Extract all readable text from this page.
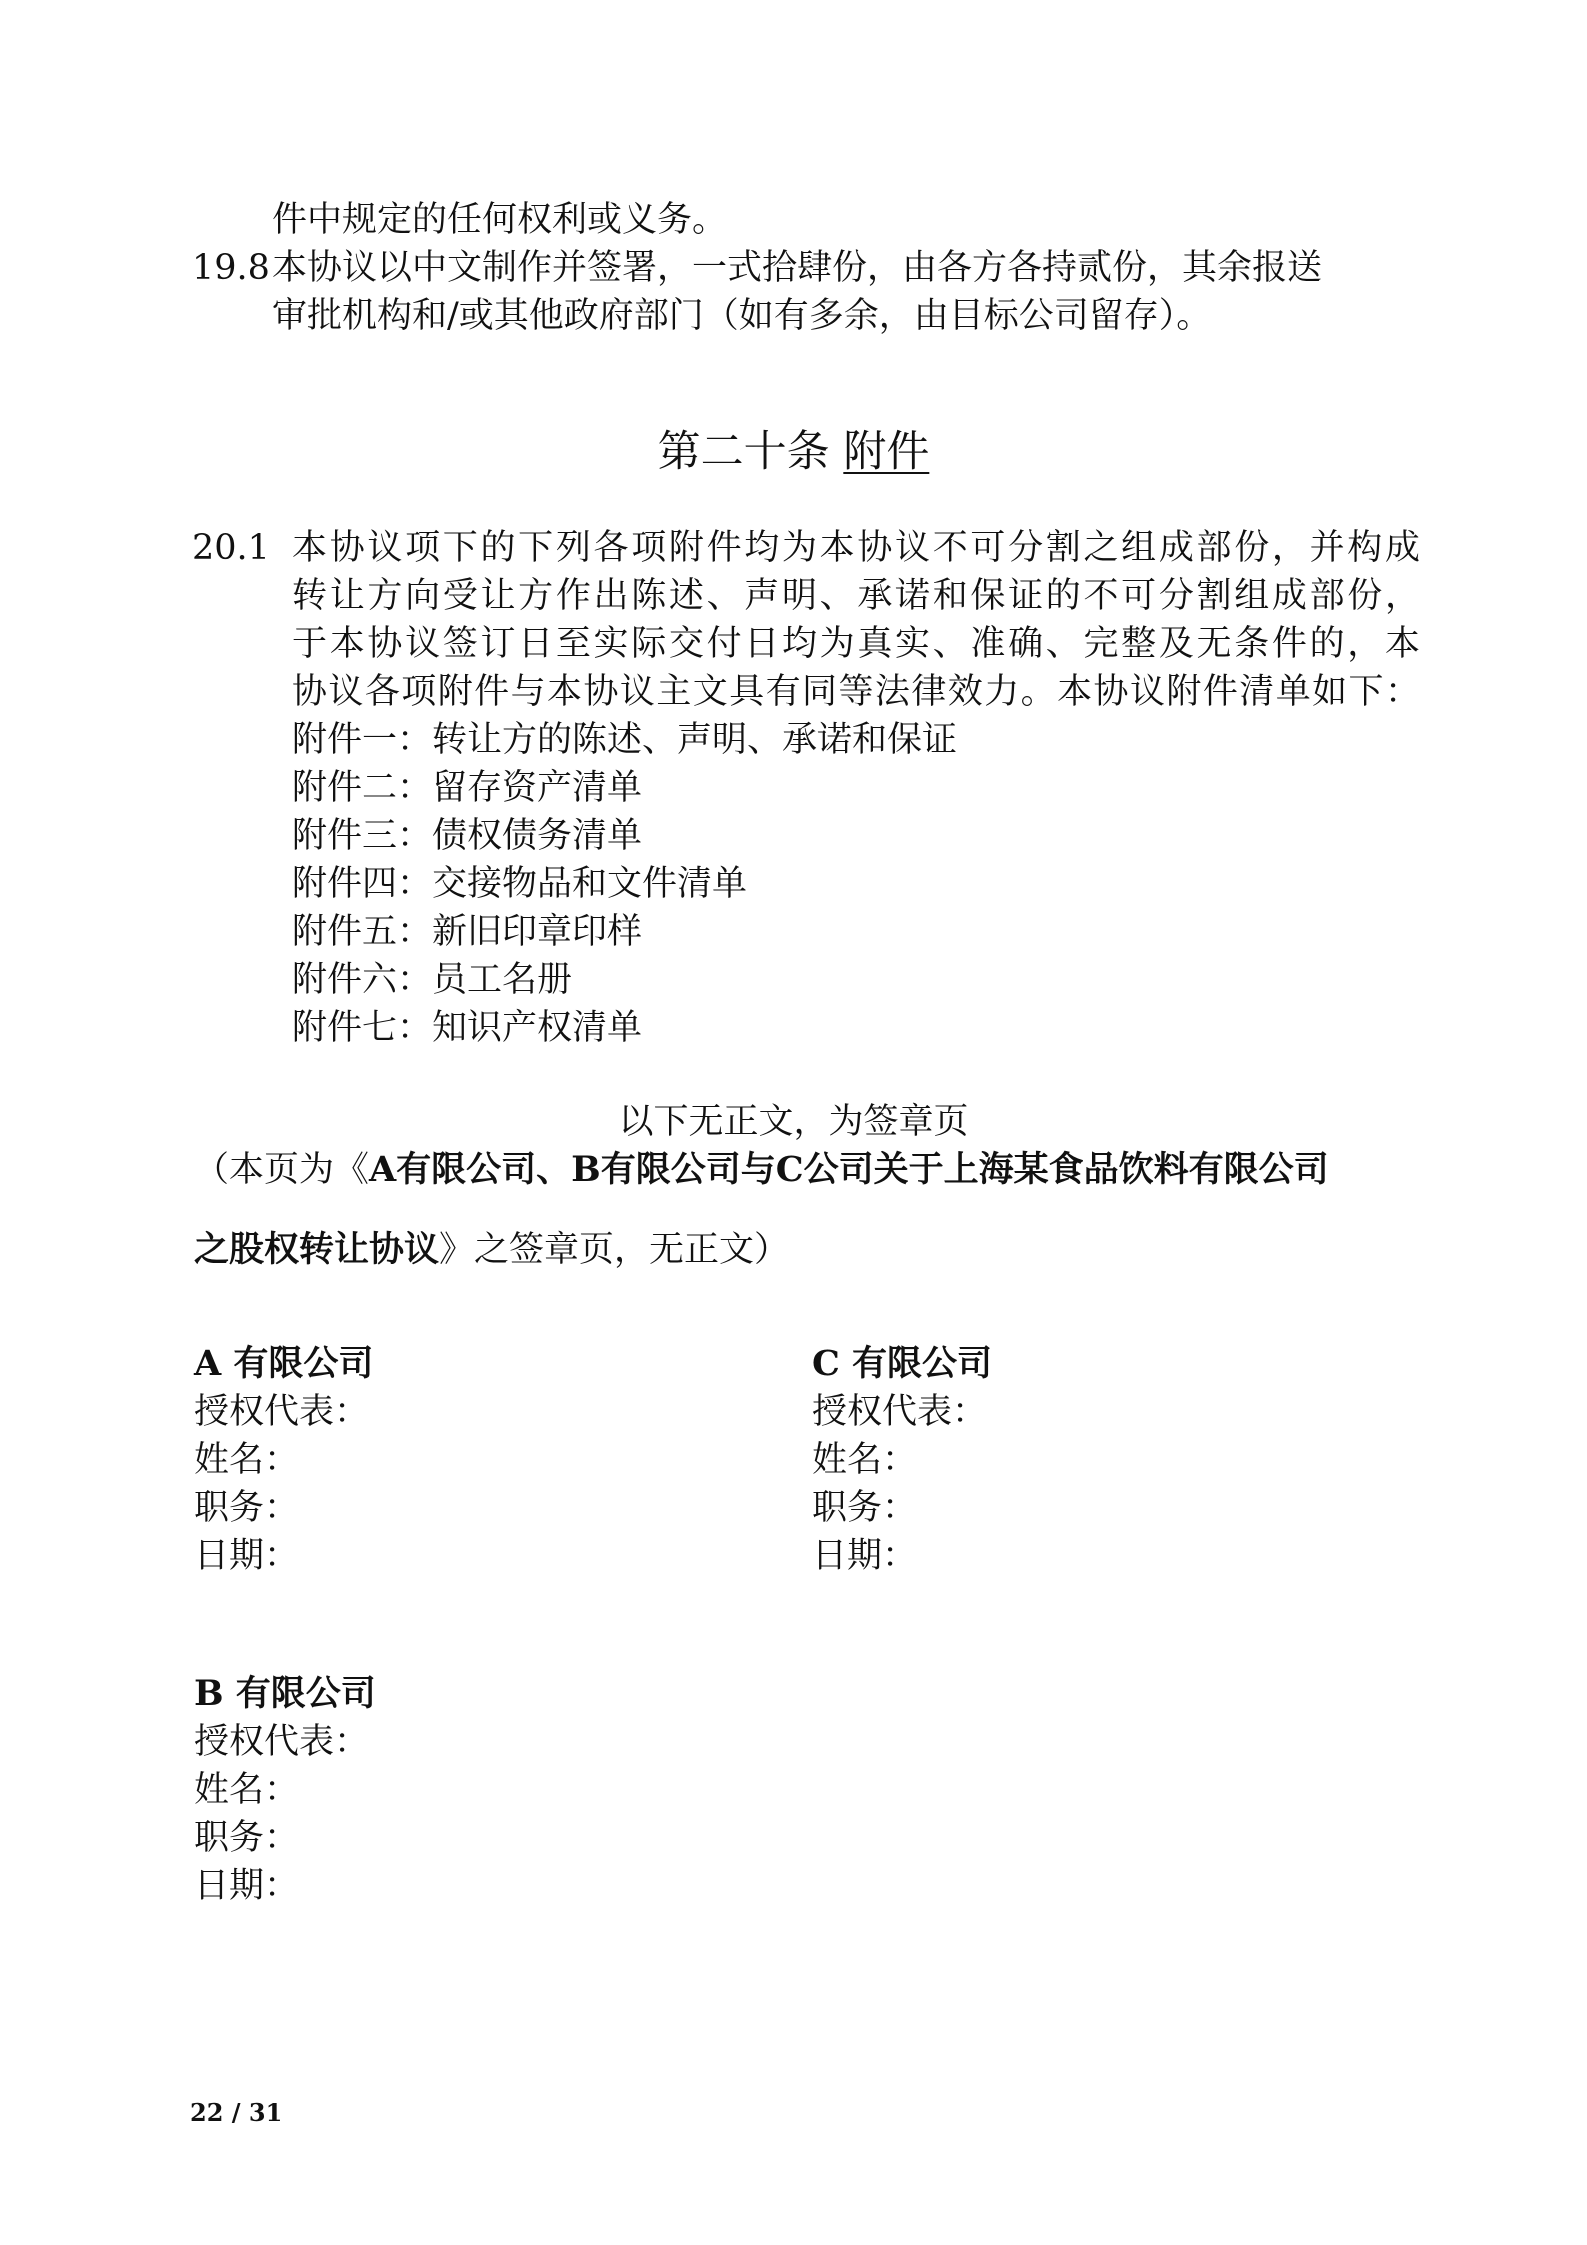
件中规定的任何权利或义务。
19.8 本协议以中文制作并签署，一式拾肆份，由各方各持贰份，其余报送
审批机构和/或其他政府部门（如有多余，由目标公司留存）。
第二十条 附件
20.1 本协议项下的下列各项附件均为本协议不可分割之组成部份，并构成
转让方向受让方作出陈述、声明、承诺和保证的不可分割组成部份，
于本协议签订日至实际交付日均为真实、准确、完整及无条件的，本
协议各项附件与本协议主文具有同等法律效力。本协议附件清单如下：
附件一：转让方的陈述、声明、承诺和保证
附件二：留存资产清单
附件三：债权债务清单
附件四：交接物品和文件清单
附件五：新旧印章印样
附件六：员工名册
附件七：知识产权清单
以下无正文，为签章页
（本页为《A有限公司、B有限公司与C公司关于上海某食品饮料有限公司
之股权转让协议》之签章页，无正文）
A 有限公司
授权代表：
姓名：
职务：
日期：
C 有限公司
授权代表：
姓名：
职务：
日期：
B 有限公司
授权代表：
姓名：
职务：
日期：
22 / 31
